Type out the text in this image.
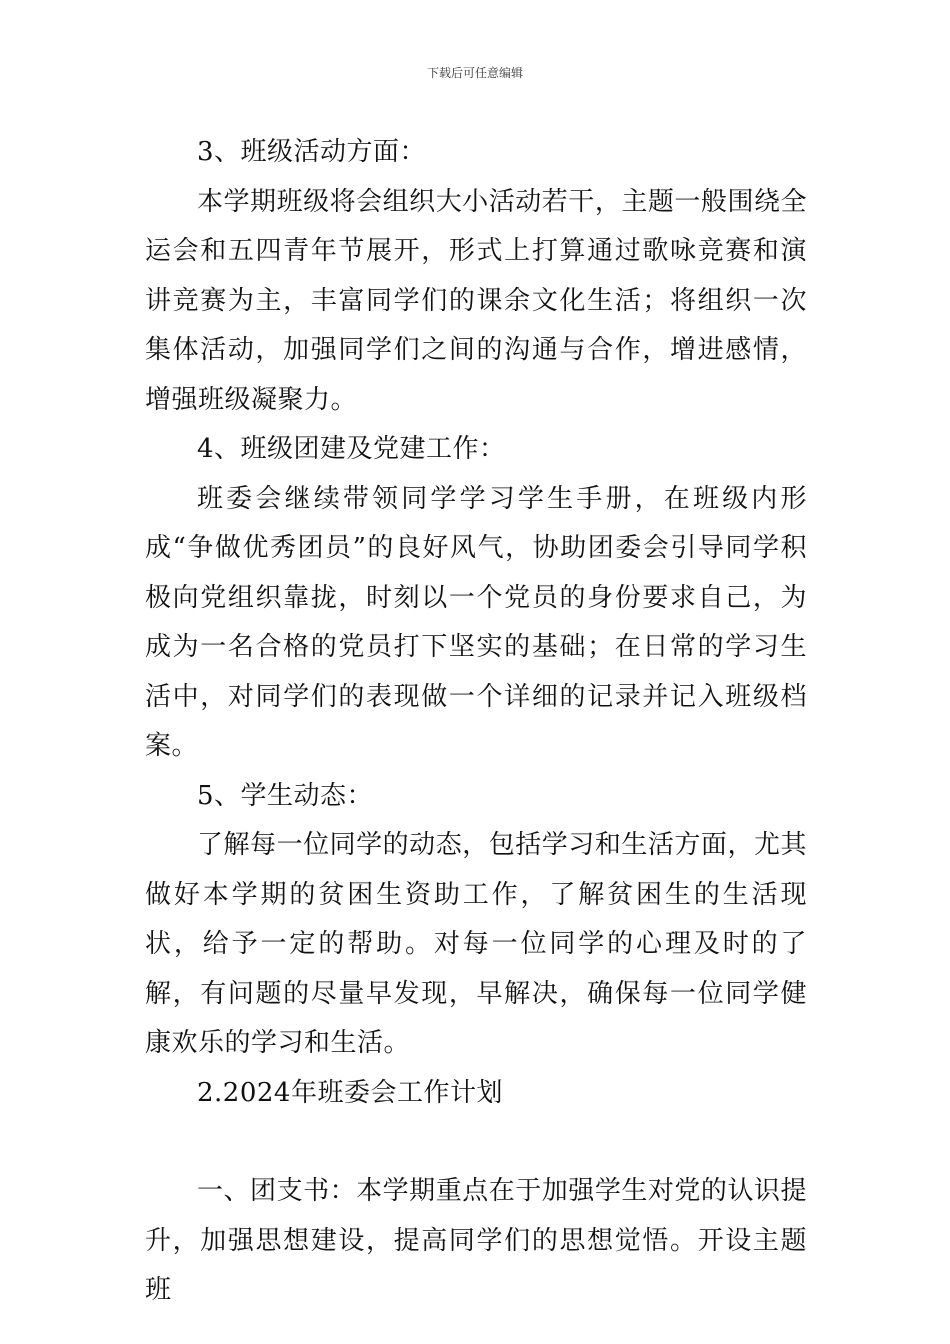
下载后可任意编辑

3、班级活动方面：

本学期班级将会组织大小活动若干，主题一般围绕全运会和五四青年节展开，形式上打算通过歌咏竞赛和演讲竞赛为主，丰富同学们的课余文化生活；将组织一次集体活动，加强同学们之间的沟通与合作，增进感情，增强班级凝聚力。

4、班级团建及党建工作：

班委会继续带领同学学习学生手册，在班级内形成“争做优秀团员”的良好风气，协助团委会引导同学积极向党组织靠拢，时刻以一个党员的身份要求自己，为成为一名合格的党员打下坚实的基础；在日常的学习生活中，对同学们的表现做一个详细的记录并记入班级档案。

5、学生动态：

了解每一位同学的动态，包括学习和生活方面，尤其做好本学期的贫困生资助工作，了解贫困生的生活现状，给予一定的帮助。对每一位同学的心理及时的了解，有问题的尽量早发现，早解决，确保每一位同学健康欢乐的学习和生活。

2.2024年班委会工作计划

一、团支书：本学期重点在于加强学生对党的认识提升，加强思想建设，提高同学们的思想觉悟。开设主题班
